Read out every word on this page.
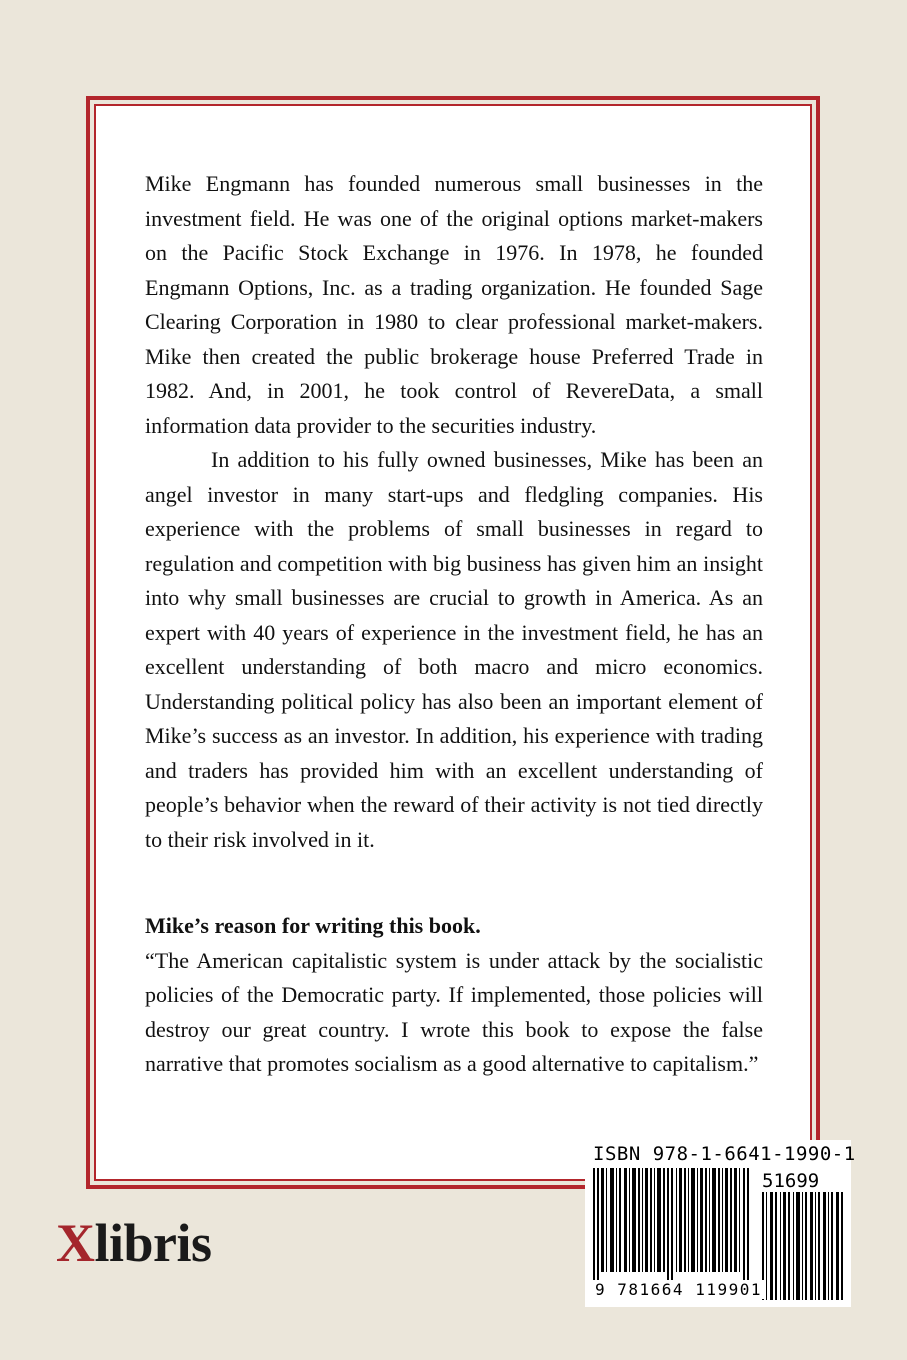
Mike Engmann has founded numerous small businesses in the investment field. He was one of the original options market-makers on the Pacific Stock Exchange in 1976. In 1978, he founded Engmann Options, Inc. as a trading organization. He founded Sage Clearing Corporation in 1980 to clear professional market-makers. Mike then created the public brokerage house Preferred Trade in 1982. And, in 2001, he took control of RevereData, a small information data provider to the securities industry.

In addition to his fully owned businesses, Mike has been an angel investor in many start-ups and fledgling companies. His experience with the problems of small businesses in regard to regulation and competition with big business has given him an insight into why small businesses are crucial to growth in America. As an expert with 40 years of experience in the investment field, he has an excellent understanding of both macro and micro economics. Understanding political policy has also been an important element of Mike’s success as an investor. In addition, his experience with trading and traders has provided him with an excellent understanding of people’s behavior when the reward of their activity is not tied directly to their risk involved in it.

Mike’s reason for writing this book.

“The American capitalistic system is under attack by the socialistic policies of the Democratic party. If implemented, those policies will destroy our great country. I wrote this book to expose the false narrative that promotes socialism as a good alternative to capitalism.”

Xlibris
ISBN 978-1-6641-1990-1
51699
9 781664 119901
